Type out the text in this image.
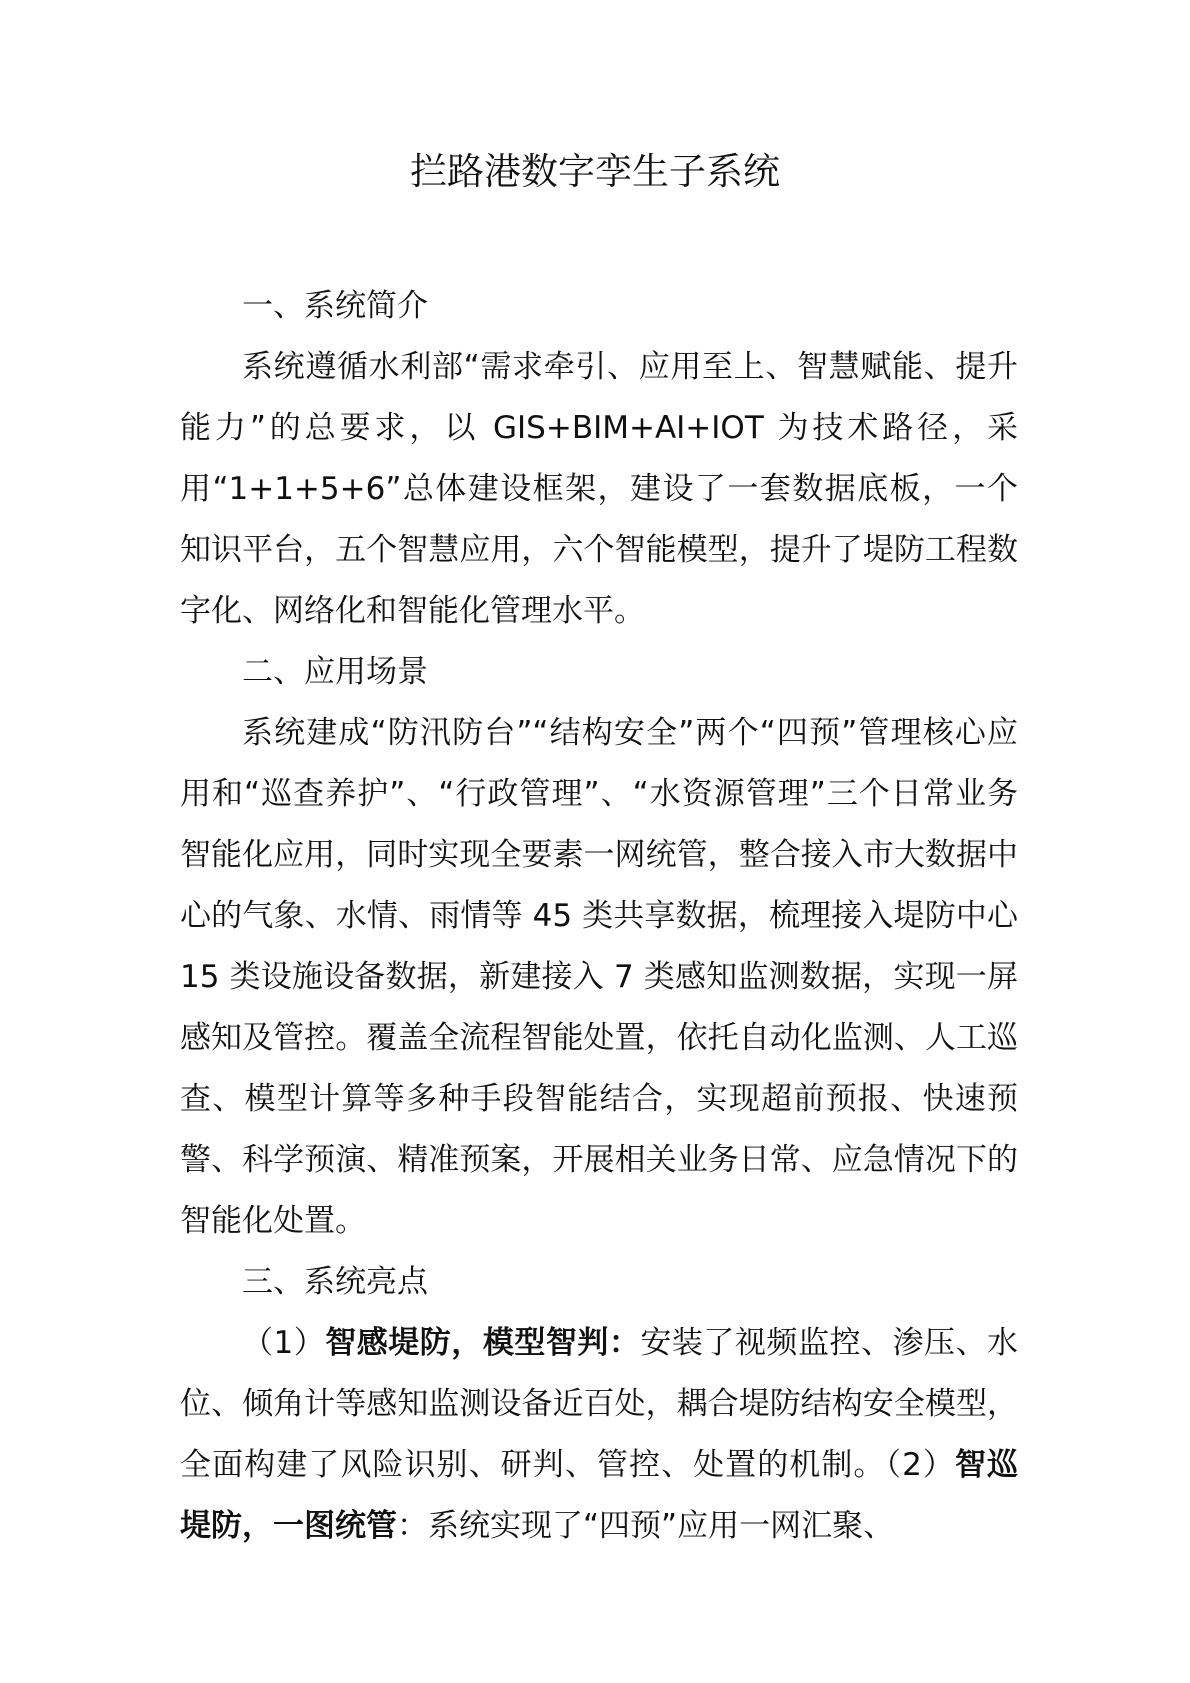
拦路港数字孪生子系统

一、系统简介

系统遵循水利部“需求牵引、应用至上、智慧赋能、提升能力”的总要求，以 GIS+BIM+AI+IOT 为技术路径，采用“1+1+5+6”总体建设框架，建设了一套数据底板，一个知识平台，五个智慧应用，六个智能模型，提升了堤防工程数字化、网络化和智能化管理水平。

二、应用场景

系统建成“防汛防台”“结构安全”两个“四预”管理核心应用和“巡查养护”、“行政管理”、“水资源管理”三个日常业务智能化应用，同时实现全要素一网统管，整合接入市大数据中心的气象、水情、雨情等 45 类共享数据，梳理接入堤防中心 15 类设施设备数据，新建接入 7 类感知监测数据，实现一屏感知及管控。覆盖全流程智能处置，依托自动化监测、人工巡查、模型计算等多种手段智能结合，实现超前预报、快速预警、科学预演、精准预案，开展相关业务日常、应急情况下的智能化处置。

三、系统亮点

（1）智感堤防，模型智判：安装了视频监控、渗压、水位、倾角计等感知监测设备近百处，耦合堤防结构安全模型，全面构建了风险识别、研判、管控、处置的机制。（2）智巡堤防，一图统管：系统实现了“四预”应用一网汇聚、
